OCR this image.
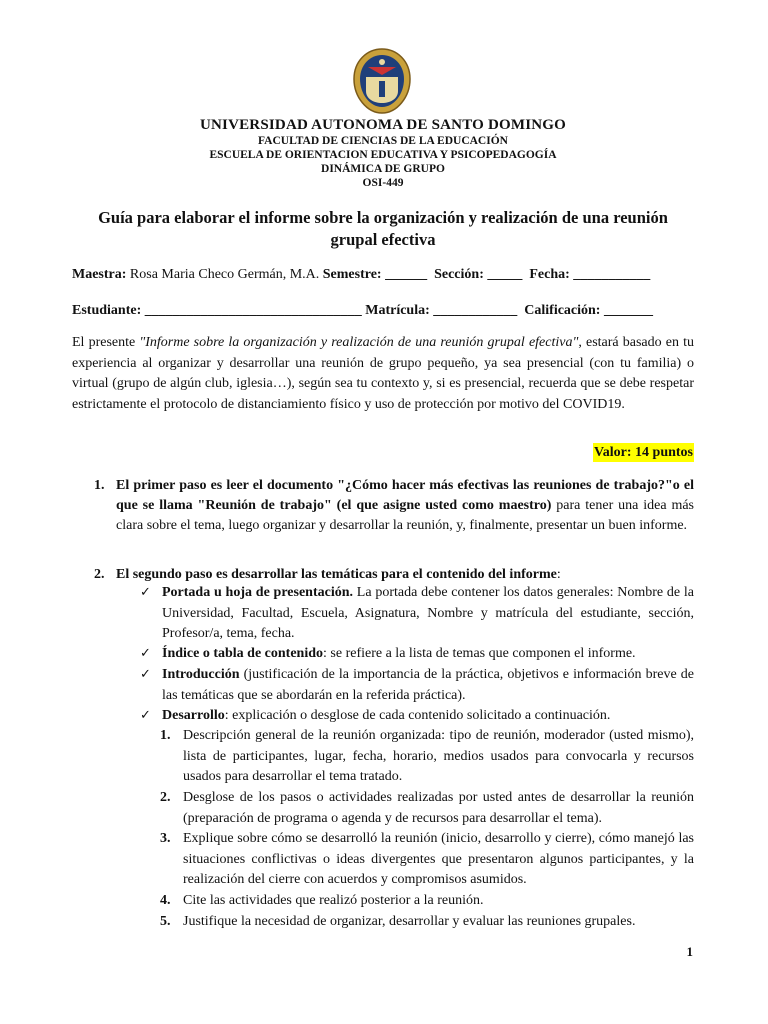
UNIVERSIDAD AUTONOMA DE SANTO DOMINGO
FACULTAD DE CIENCIAS DE LA EDUCACIÓN
ESCUELA DE ORIENTACION EDUCATIVA Y PSICOPEDAGOGÍA
DINÁMICA DE GRUPO
OSI-449
Guía para elaborar el informe sobre la organización y realización de una reunión
grupal efectiva
Maestra: Rosa Maria Checo Germán, M.A. Semestre: ______ Sección: _____ Fecha: ___________
Estudiante: _______________________________ Matrícula: ____________ Calificación: _______
El presente "Informe sobre la organización y realización de una reunión grupal efectiva", estará basado en tu experiencia al organizar y desarrollar una reunión de grupo pequeño, ya sea presencial (con tu familia) o virtual (grupo de algún club, iglesia…), según sea tu contexto y, si es presencial, recuerda que se debe respetar estrictamente el protocolo de distanciamiento físico y uso de protección por motivo del COVID19.
Valor: 14 puntos
1. El primer paso es leer el documento "¿Cómo hacer más efectivas las reuniones de trabajo?"o el que se llama "Reunión de trabajo" (el que asigne usted como maestro) para tener una idea más clara sobre el tema, luego organizar y desarrollar la reunión, y, finalmente, presentar un buen informe.
2. El segundo paso es desarrollar las temáticas para el contenido del informe:
✓ Portada u hoja de presentación. La portada debe contener los datos generales: Nombre de la Universidad, Facultad, Escuela, Asignatura, Nombre y matrícula del estudiante, sección, Profesor/a, tema, fecha.
✓ Índice o tabla de contenido: se refiere a la lista de temas que componen el informe.
✓ Introducción (justificación de la importancia de la práctica, objetivos e información breve de las temáticas que se abordarán en la referida práctica).
✓ Desarrollo: explicación o desglose de cada contenido solicitado a continuación.
1. Descripción general de la reunión organizada: tipo de reunión, moderador (usted mismo), lista de participantes, lugar, fecha, horario, medios usados para convocarla y recursos usados para desarrollar el tema tratado.
2. Desglose de los pasos o actividades realizadas por usted antes de desarrollar la reunión (preparación de programa o agenda y de recursos para desarrollar el tema).
3. Explique sobre cómo se desarrolló la reunión (inicio, desarrollo y cierre), cómo manejó las situaciones conflictivas o ideas divergentes que presentaron algunos participantes, y la realización del cierre con acuerdos y compromisos asumidos.
4. Cite las actividades que realizó posterior a la reunión.
5. Justifique la necesidad de organizar, desarrollar y evaluar las reuniones grupales.
1
